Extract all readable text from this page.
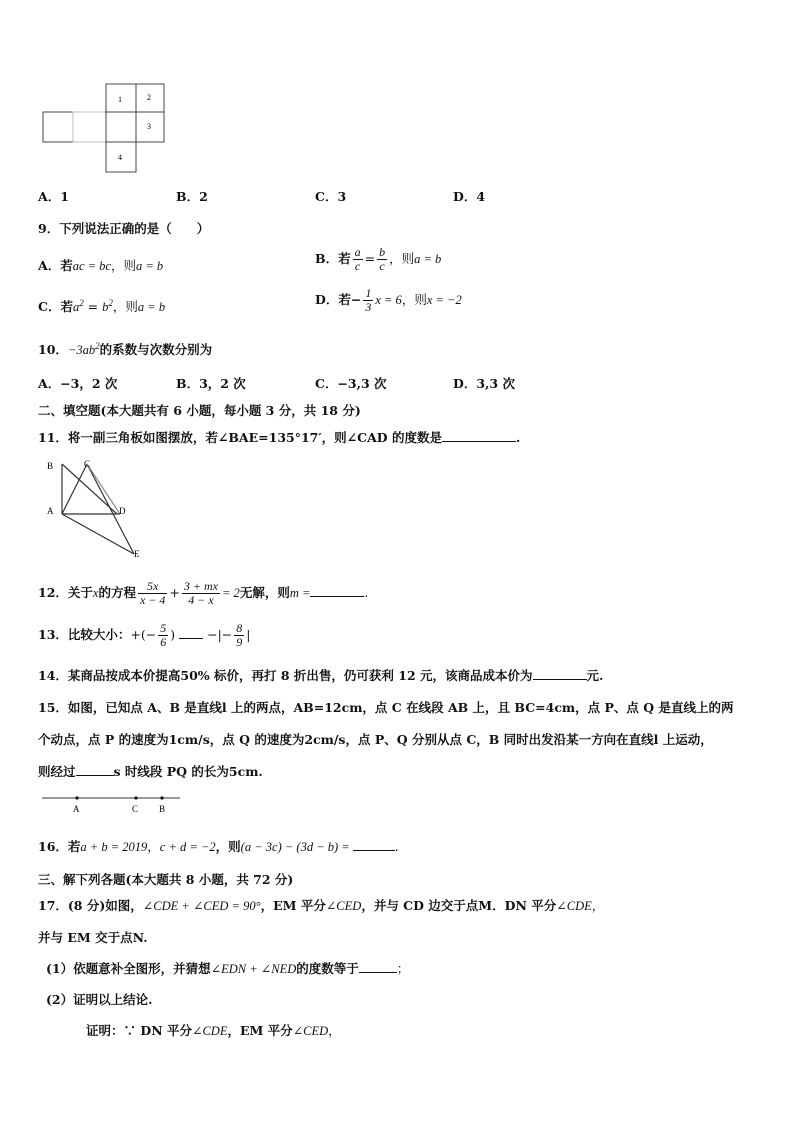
1	2
3
4
A．1	B．2	C．3	D．4
9．下列说法正确的是（　　）
A．若ac = bc，则a = b	B．若 $\frac{a}{c} = \frac{b}{c}$ ，则a = b
C．若$a^2 = b^2$，则a = b	D．若− $\frac{1}{3}$ x = 6，则x = −2
10．$-3ab^2$的系数与次数分别为
A．−3，2 次	B．3，2 次	C．−3,3 次	D．3,3 次
二、填空题(本大题共有 6 小题，每小题 3 分，共 18 分)
11．将一副三角板如图摆放，若∠BAE=135°17′，则∠CAD 的度数是	.
B	C
A	D
E
12．关于x的方程 $\frac{5x}{x - 4} + \frac{3 + mx}{4 - x} = 2$无解，则m =	.
13．比较大小：+(− $\frac{5}{6}$ )	−|− $\frac{8}{9}$ |
14．某商品按成本价提高50% 标价，再打 8 折出售，仍可获利 12 元，该商品成本价为	元.
15．如图，已知点 A、B 是直线l 上的两点，AB=12cm，点 C 在线段 AB 上，且 BC=4cm，点 P、点 Q 是直线上的两
个动点，点 P 的速度为1cm/s，点 Q 的速度为2cm/s，点 P、Q 分别从点 C，B 同时出发沿某一方向在直线l 上运动，
则经过	s 时线段 PQ 的长为5cm.
A	C B
16．若a + b = 2019，c + d = −2，则(a − 3c) − (3d − b) =	.
三、解下列各题(本大题共 8 小题，共 72 分)
17．(8 分)如图，∠CDE + ∠CED = 90°，EM 平分∠CED，并与 CD 边交于点M．DN 平分∠CDE，
并与 EM 交于点N.
(1）依题意补全图形，并猜想∠EDN + ∠NED的度数等于	；
(2）证明以上结论.
证明：∵ DN 平分∠CDE，EM 平分∠CED，
